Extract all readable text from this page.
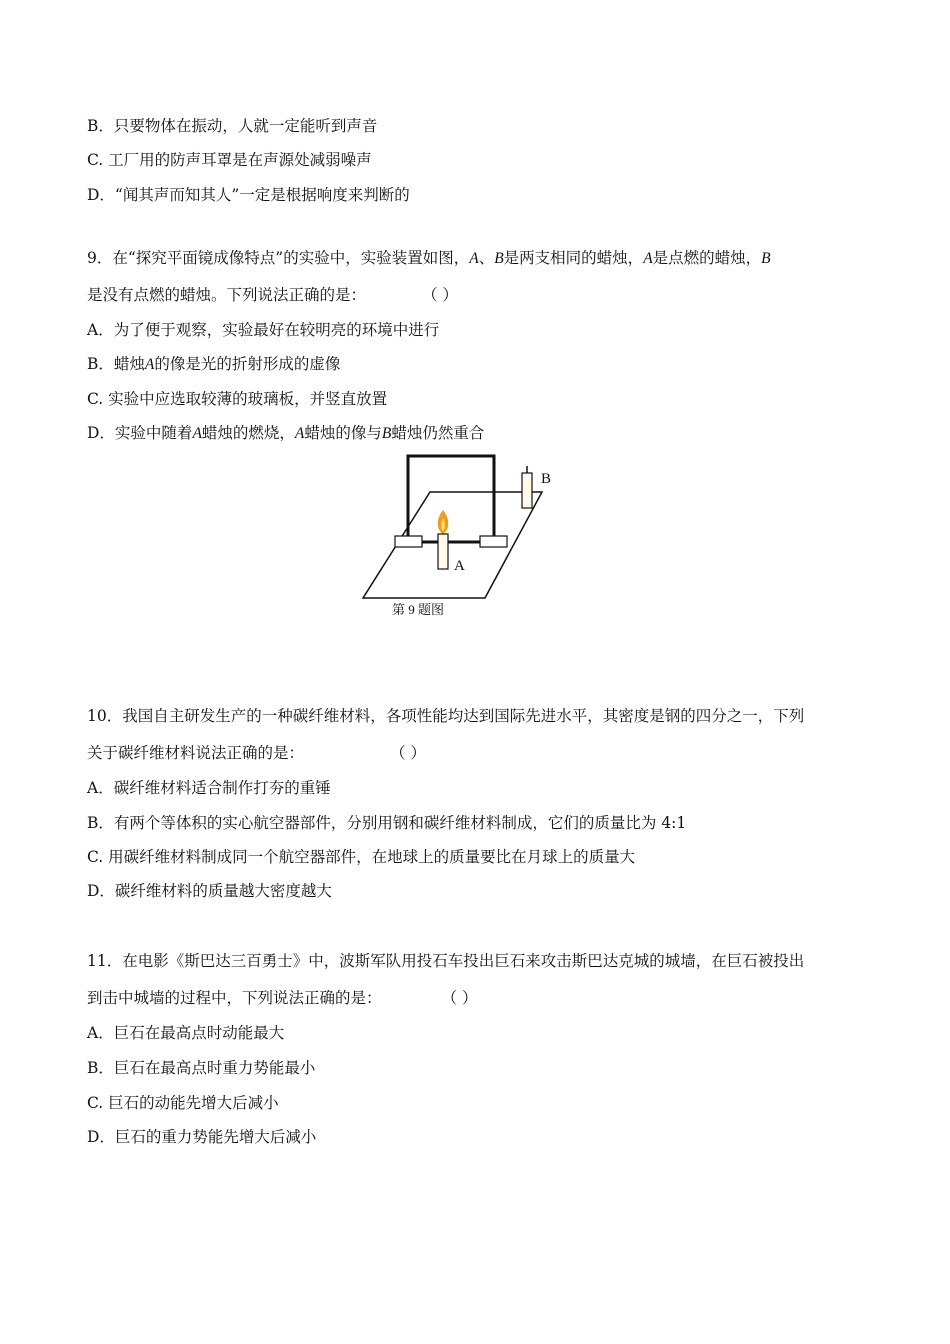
B．只要物体在振动，人就一定能听到声音
C. 工厂用的防声耳罩是在声源处减弱噪声
D．“闻其声而知其人”一定是根据响度来判断的
9．在“探究平面镜成像特点”的实验中，实验装置如图，A、B是两支相同的蜡烛，A是点燃的蜡烛，B
是没有点燃的蜡烛。下列说法正确的是：	（ ）
A．为了便于观察，实验最好在较明亮的环境中进行
B．蜡烛A的像是光的折射形成的虚像
C. 实验中应选取较薄的玻璃板，并竖直放置
D．实验中随着A蜡烛的燃烧，A蜡烛的像与B蜡烛仍然重合
B
A
第 9 题图
10．我国自主研发生产的一种碳纤维材料，各项性能均达到国际先进水平，其密度是钢的四分之一，下列
关于碳纤维材料说法正确的是：	（ ）
A．碳纤维材料适合制作打夯的重锤
B．有两个等体积的实心航空器部件，分别用钢和碳纤维材料制成，它们的质量比为 4:1
C. 用碳纤维材料制成同一个航空器部件，在地球上的质量要比在月球上的质量大
D．碳纤维材料的质量越大密度越大
11．在电影《斯巴达三百勇士》中，波斯军队用投石车投出巨石来攻击斯巴达克城的城墙，在巨石被投出
到击中城墙的过程中，下列说法正确的是：	（ ）
A．巨石在最高点时动能最大
B．巨石在最高点时重力势能最小
C. 巨石的动能先增大后减小
D．巨石的重力势能先增大后减小
